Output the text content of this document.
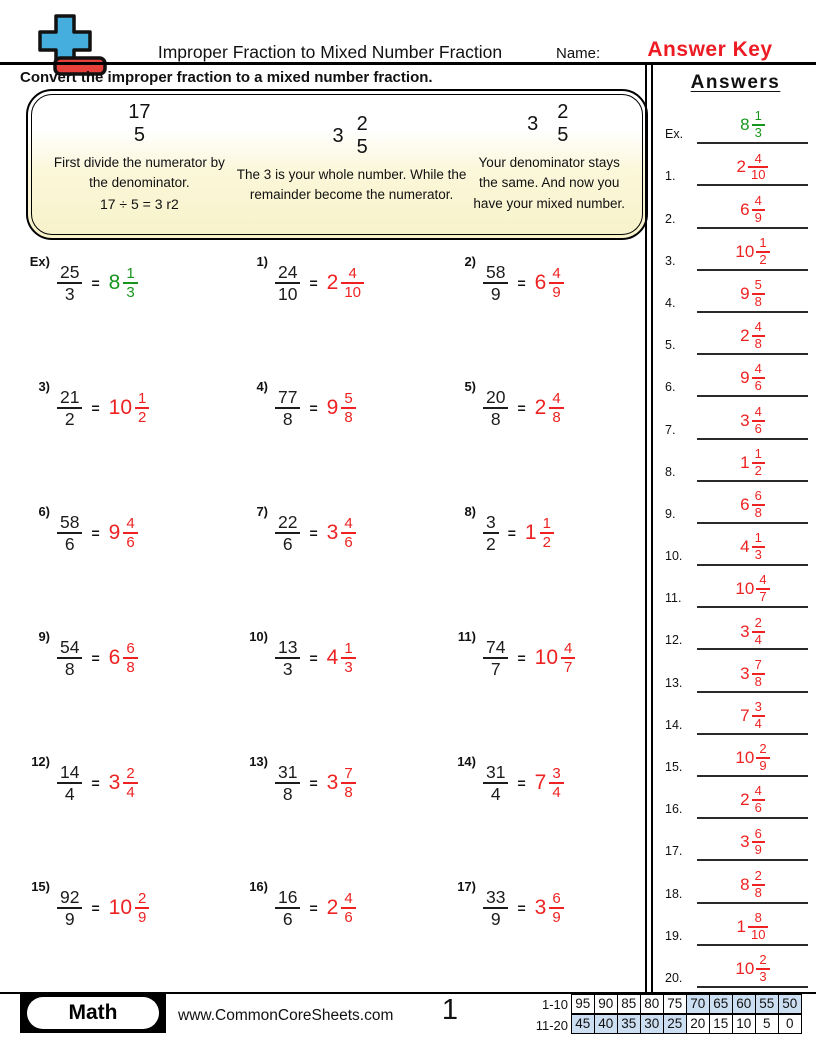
Improper Fraction to Mixed Number Fraction	Name:	Answer Key
Convert the improper fraction to a mixed number fraction.
17
5
First divide the numerator by the denominator.
17 ÷ 5 = 3 r2
3
2
5
The 3 is your whole number. While the remainder become the numerator.
3
2
5
Your denominator stays the same. And now you have your mixed number.
Ex)
$\frac{25}{3} = 8 \frac{1}{3}$
1)
$\frac{24}{10} = 2 \frac{4}{10}$
2)
$\frac{58}{9} = 6 \frac{4}{9}$
3)
$\frac{21}{2} = 10 \frac{1}{2}$
4)
$\frac{77}{8} = 9 \frac{5}{8}$
5)
$\frac{20}{8} = 2 \frac{4}{8}$
6)
$\frac{58}{6} = 9 \frac{4}{6}$
7)
$\frac{22}{6} = 3 \frac{4}{6}$
8)
$\frac{3}{2} = 1 \frac{1}{2}$
9)
$\frac{54}{8} = 6 \frac{6}{8}$
10)
$\frac{13}{3} = 4 \frac{1}{3}$
11)
$\frac{74}{7} = 10 \frac{4}{7}$
12)
$\frac{14}{4} = 3 \frac{2}{4}$
13)
$\frac{31}{8} = 3 \frac{7}{8}$
14)
$\frac{31}{4} = 7 \frac{3}{4}$
15)
$\frac{92}{9} = 10 \frac{2}{9}$
16)
$\frac{16}{6} = 2 \frac{4}{6}$
17)
$\frac{33}{9} = 3 \frac{6}{9}$
Answers
Ex.	$8 \frac{1}{3}$
1.	$2 \frac{4}{10}$
2.	$6 \frac{4}{9}$
3.	$10 \frac{1}{2}$
4.	$9 \frac{5}{8}$
5.	$2 \frac{4}{8}$
6.	$9 \frac{4}{6}$
7.	$3 \frac{4}{6}$
8.	$1 \frac{1}{2}$
9.	$6 \frac{6}{8}$
10.	$4 \frac{1}{3}$
11.	$10 \frac{4}{7}$
12.	$3 \frac{2}{4}$
13.	$3 \frac{7}{8}$
14.	$7 \frac{3}{4}$
15.	$10 \frac{2}{9}$
16.	$2 \frac{4}{6}$
17.	$3 \frac{6}{9}$
18.	$8 \frac{2}{8}$
19.	$1 \frac{8}{10}$
20.	$10 \frac{2}{3}$
Math	www.CommonCoreSheets.com	1	1-10 95 90 85 80 75 70 65 60 55 50
11-20 45 40 35 30 25 20 15 10 5	0
